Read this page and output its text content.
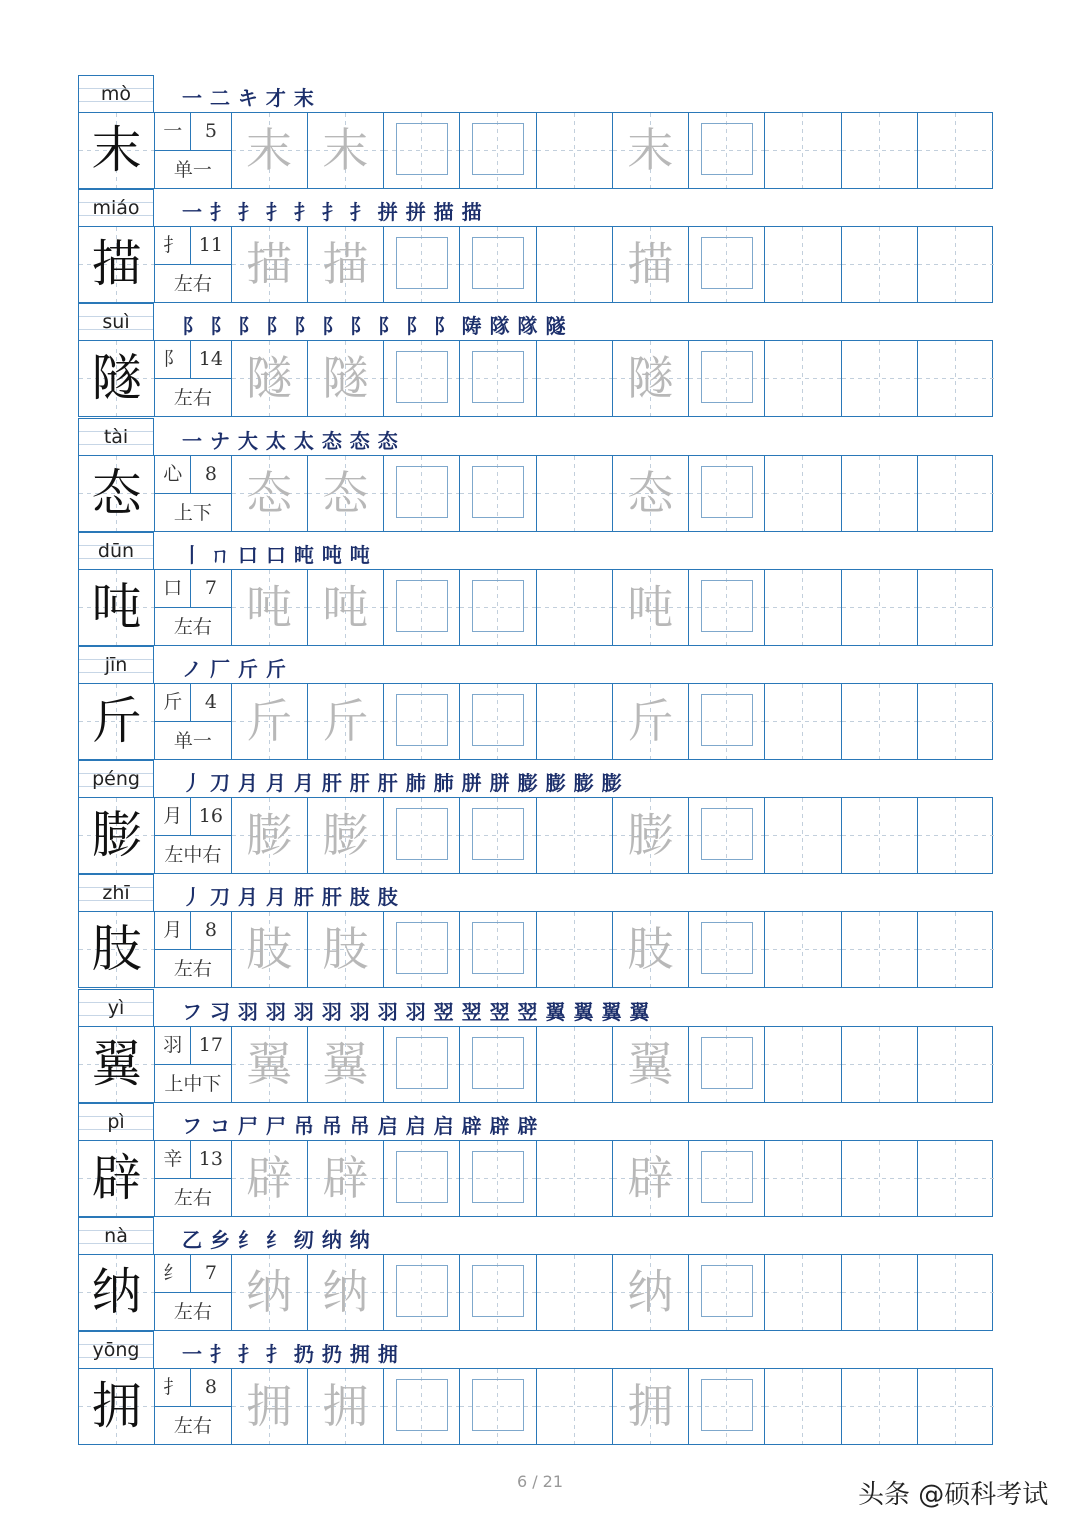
mò	一 二 キ 才 末
末	一	5
单一 末 末	末
miáo	一 扌 扌 扌 扌 扌 扌 拼 拼 描 描
描	扌 11
左右 描 描	描
suì	阝 阝 阝 阝 阝 阝 阝 阝 阝 阝 陦 隊 隊 隧
隧	阝 14
左右 隧 隧	隧
tài	一 ナ 大 太 太 态 态 态
态	心	8
上下 态 态	态
dūn	丨 ㄇ 口 口 旽 吨 吨
吨	口	7
左右 吨 吨	吨
jīn	ノ 厂 斤 斤
斤	斤	4
单一 斤 斤	斤
péng	丿 刀 月 月 月 肝 肝 肝 肺 肺 胼 胼 膨 膨 膨 膨
膨	月 16
左中右 膨 膨	膨
zhī	丿 刀 月 月 肝 肝 肢 肢
肢	月	8
左右 肢 肢	肢
yì	フ 习 羽 羽 羽 羽 羽 羽 羽 翌 翌 翌 翌 翼 翼 翼 翼
翼	羽 17
上中下 翼 翼	翼
pì	フ コ 尸 尸 吊 吊 吊 启 启 启 辟 辟 辟
辟	辛 13
左右 辟 辟	辟
nà	乙 乡 纟 纟 纫 纳 纳
纳	纟	7
左右 纳 纳	纳
yōng	一 扌 扌 扌 扔 扔 拥 拥
拥	扌	8
左右 拥 拥	拥
6 / 21	头条 @硕科考试
